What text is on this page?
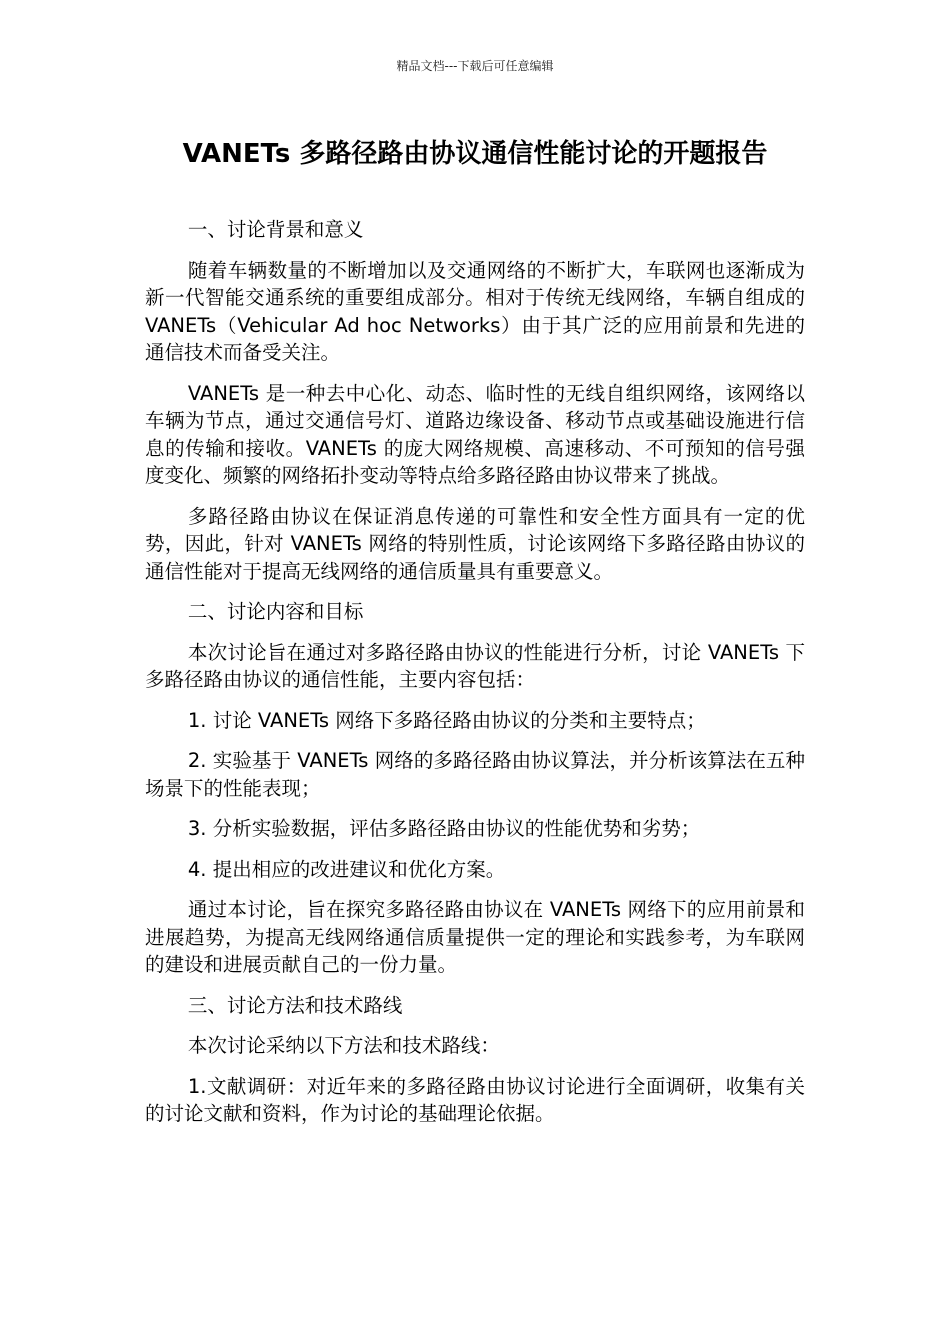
精品文档---下载后可任意编辑
VANETs 多路径路由协议通信性能讨论的开题报告

一、讨论背景和意义

随着车辆数量的不断增加以及交通网络的不断扩大，车联网也逐渐成为新一代智能交通系统的重要组成部分。相对于传统无线网络，车辆自组成的 VANETs（Vehicular Ad hoc Networks）由于其广泛的应用前景和先进的通信技术而备受关注。

VANETs 是一种去中心化、动态、临时性的无线自组织网络，该网络以车辆为节点，通过交通信号灯、道路边缘设备、移动节点或基础设施进行信息的传输和接收。VANETs 的庞大网络规模、高速移动、不可预知的信号强度变化、频繁的网络拓扑变动等特点给多路径路由协议带来了挑战。

多路径路由协议在保证消息传递的可靠性和安全性方面具有一定的优势，因此，针对 VANETs 网络的特别性质，讨论该网络下多路径路由协议的通信性能对于提高无线网络的通信质量具有重要意义。

二、讨论内容和目标

本次讨论旨在通过对多路径路由协议的性能进行分析，讨论 VANETs 下多路径路由协议的通信性能，主要内容包括：

1. 讨论 VANETs 网络下多路径路由协议的分类和主要特点；

2. 实验基于 VANETs 网络的多路径路由协议算法，并分析该算法在五种场景下的性能表现；

3. 分析实验数据，评估多路径路由协议的性能优势和劣势；

4. 提出相应的改进建议和优化方案。

通过本讨论，旨在探究多路径路由协议在 VANETs 网络下的应用前景和进展趋势，为提高无线网络通信质量提供一定的理论和实践参考，为车联网的建设和进展贡献自己的一份力量。

三、讨论方法和技术路线

本次讨论采纳以下方法和技术路线：

1.文献调研：对近年来的多路径路由协议讨论进行全面调研，收集有关的讨论文献和资料，作为讨论的基础理论依据。
